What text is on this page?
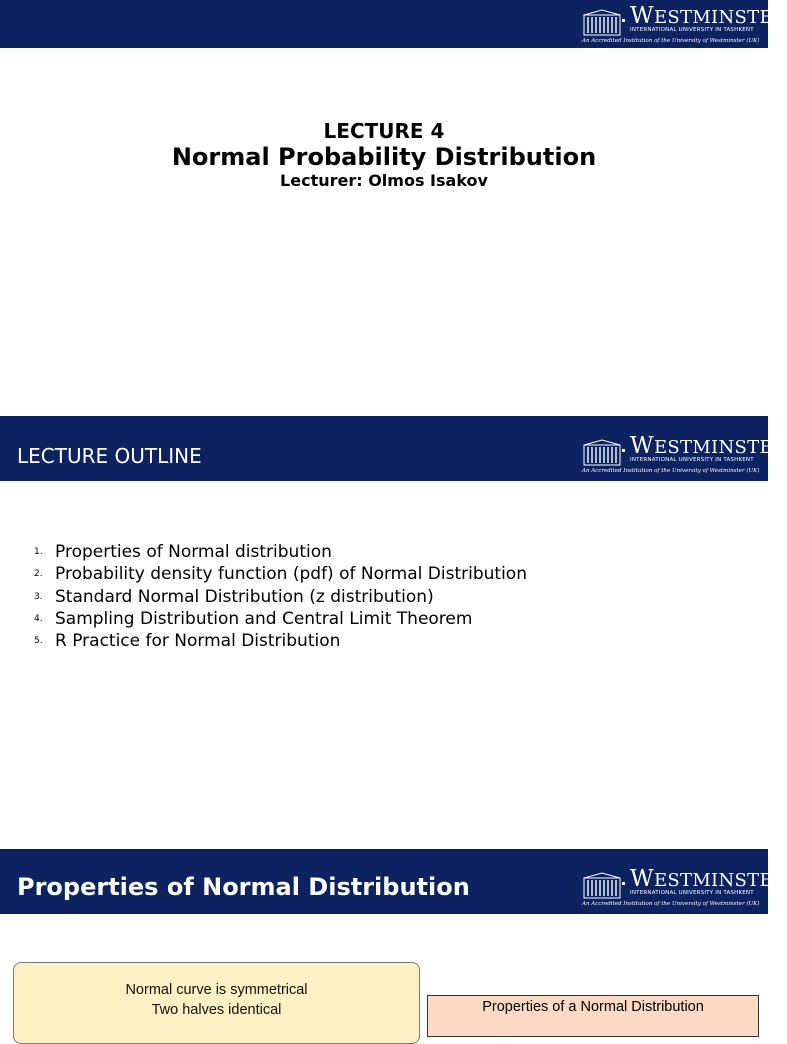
WESTMINSTER
INTERNATIONAL UNIVERSITY IN TASHKENT
An Accredited Institution of the University of Westminster (UK)
LECTURE 4
Normal Probability Distribution
Lecturer: Olmos Isakov
LECTURE OUTLINE	WESTMINSTER
INTERNATIONAL UNIVERSITY IN TASHKENT
An Accredited Institution of the University of Westminster (UK)
1. Properties of Normal distribution
2. Probability density function (pdf) of Normal Distribution
3. Standard Normal Distribution (z distribution)
4. Sampling Distribution and Central Limit Theorem
5. R Practice for Normal Distribution
Properties of Normal Distribution	WESTMINSTER
INTERNATIONAL UNIVERSITY IN TASHKENT
An Accredited Institution of the University of Westminster (UK)
Normal curve is symmetrical
Two halves identical	Properties of a Normal Distribution
